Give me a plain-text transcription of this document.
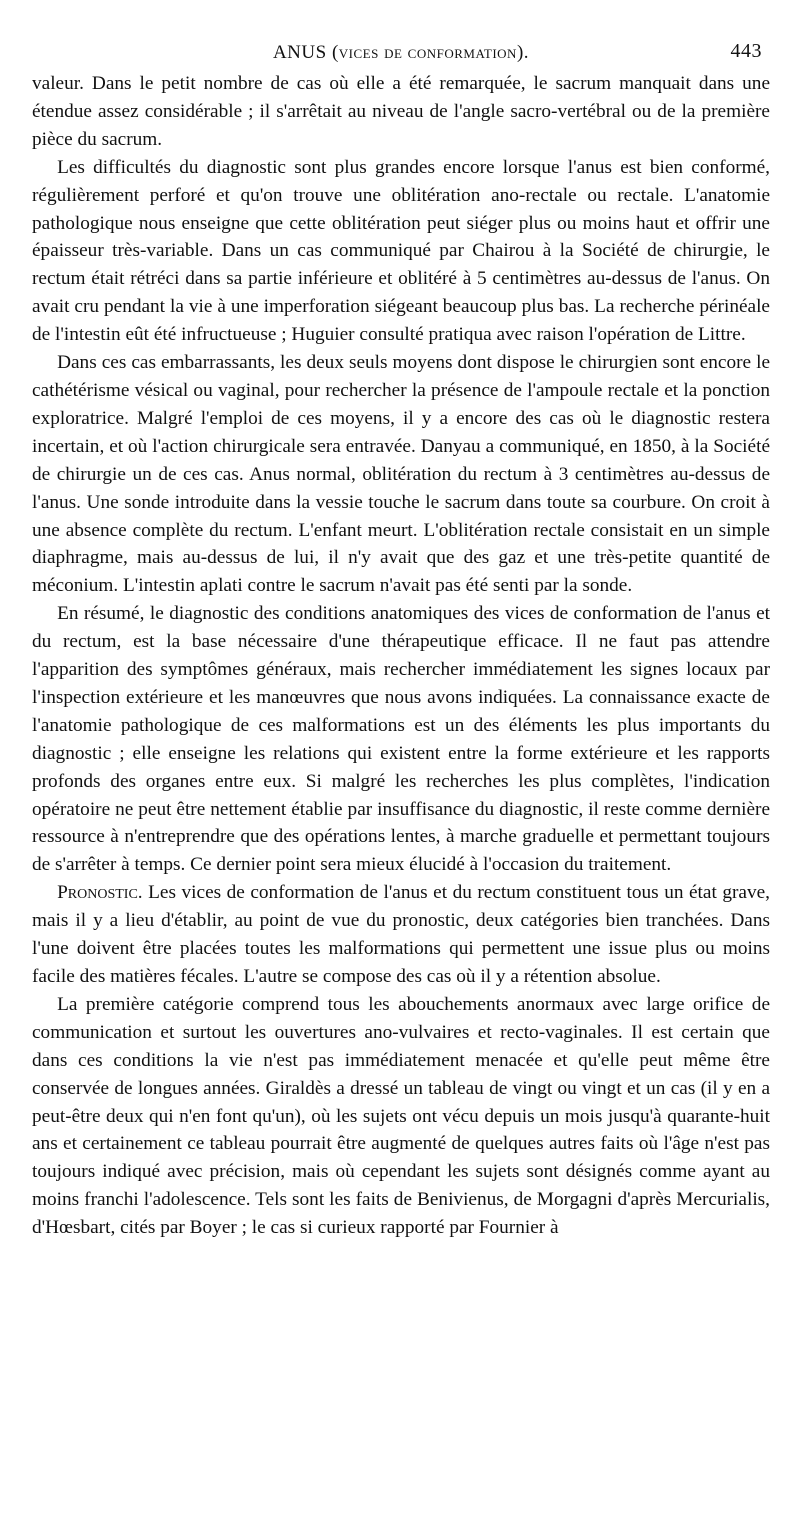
ANUS (vices de conformation).	443

valeur. Dans le petit nombre de cas où elle a été remarquée, le sacrum manquait dans une étendue assez considérable ; il s'arrêtait au niveau de l'angle sacro-vertébral ou de la première pièce du sacrum.

Les difficultés du diagnostic sont plus grandes encore lorsque l'anus est bien conformé, régulièrement perforé et qu'on trouve une oblitération ano-rectale ou rectale. L'anatomie pathologique nous enseigne que cette oblitération peut siéger plus ou moins haut et offrir une épaisseur très-variable. Dans un cas communiqué par Chairou à la Société de chirurgie, le rectum était rétréci dans sa partie inférieure et oblitéré à 5 centimètres au-dessus de l'anus. On avait cru pendant la vie à une imperforation siégeant beaucoup plus bas. La recherche périnéale de l'intestin eût été infructueuse ; Huguier consulté pratiqua avec raison l'opération de Littre.

Dans ces cas embarrassants, les deux seuls moyens dont dispose le chirurgien sont encore le cathétérisme vésical ou vaginal, pour rechercher la présence de l'ampoule rectale et la ponction exploratrice. Malgré l'emploi de ces moyens, il y a encore des cas où le diagnostic restera incertain, et où l'action chirurgicale sera entravée. Danyau a communiqué, en 1850, à la Société de chirurgie un de ces cas. Anus normal, oblitération du rectum à 3 centimètres au-dessus de l'anus. Une sonde introduite dans la vessie touche le sacrum dans toute sa courbure. On croit à une absence complète du rectum. L'enfant meurt. L'oblitération rectale consistait en un simple diaphragme, mais au-dessus de lui, il n'y avait que des gaz et une très-petite quantité de méconium. L'intestin aplati contre le sacrum n'avait pas été senti par la sonde.

En résumé, le diagnostic des conditions anatomiques des vices de conformation de l'anus et du rectum, est la base nécessaire d'une thérapeutique efficace. Il ne faut pas attendre l'apparition des symptômes généraux, mais rechercher immédiatement les signes locaux par l'inspection extérieure et les manœuvres que nous avons indiquées. La connaissance exacte de l'anatomie pathologique de ces malformations est un des éléments les plus importants du diagnostic ; elle enseigne les relations qui existent entre la forme extérieure et les rapports profonds des organes entre eux. Si malgré les recherches les plus complètes, l'indication opératoire ne peut être nettement établie par insuffisance du diagnostic, il reste comme dernière ressource à n'entreprendre que des opérations lentes, à marche graduelle et permettant toujours de s'arrêter à temps. Ce dernier point sera mieux élucidé à l'occasion du traitement.

Pronostic. Les vices de conformation de l'anus et du rectum constituent tous un état grave, mais il y a lieu d'établir, au point de vue du pronostic, deux catégories bien tranchées. Dans l'une doivent être placées toutes les malformations qui permettent une issue plus ou moins facile des matières fécales. L'autre se compose des cas où il y a rétention absolue.

La première catégorie comprend tous les abouchements anormaux avec large orifice de communication et surtout les ouvertures ano-vulvaires et recto-vaginales. Il est certain que dans ces conditions la vie n'est pas immédiatement menacée et qu'elle peut même être conservée de longues années. Giraldès a dressé un tableau de vingt ou vingt et un cas (il y en a peut-être deux qui n'en font qu'un), où les sujets ont vécu depuis un mois jusqu'à quarante-huit ans et certainement ce tableau pourrait être augmenté de quelques autres faits où l'âge n'est pas toujours indiqué avec précision, mais où cependant les sujets sont désignés comme ayant au moins franchi l'adolescence. Tels sont les faits de Benivienus, de Morgagni d'après Mercurialis, d'Hœsbart, cités par Boyer ; le cas si curieux rapporté par Fournier à
